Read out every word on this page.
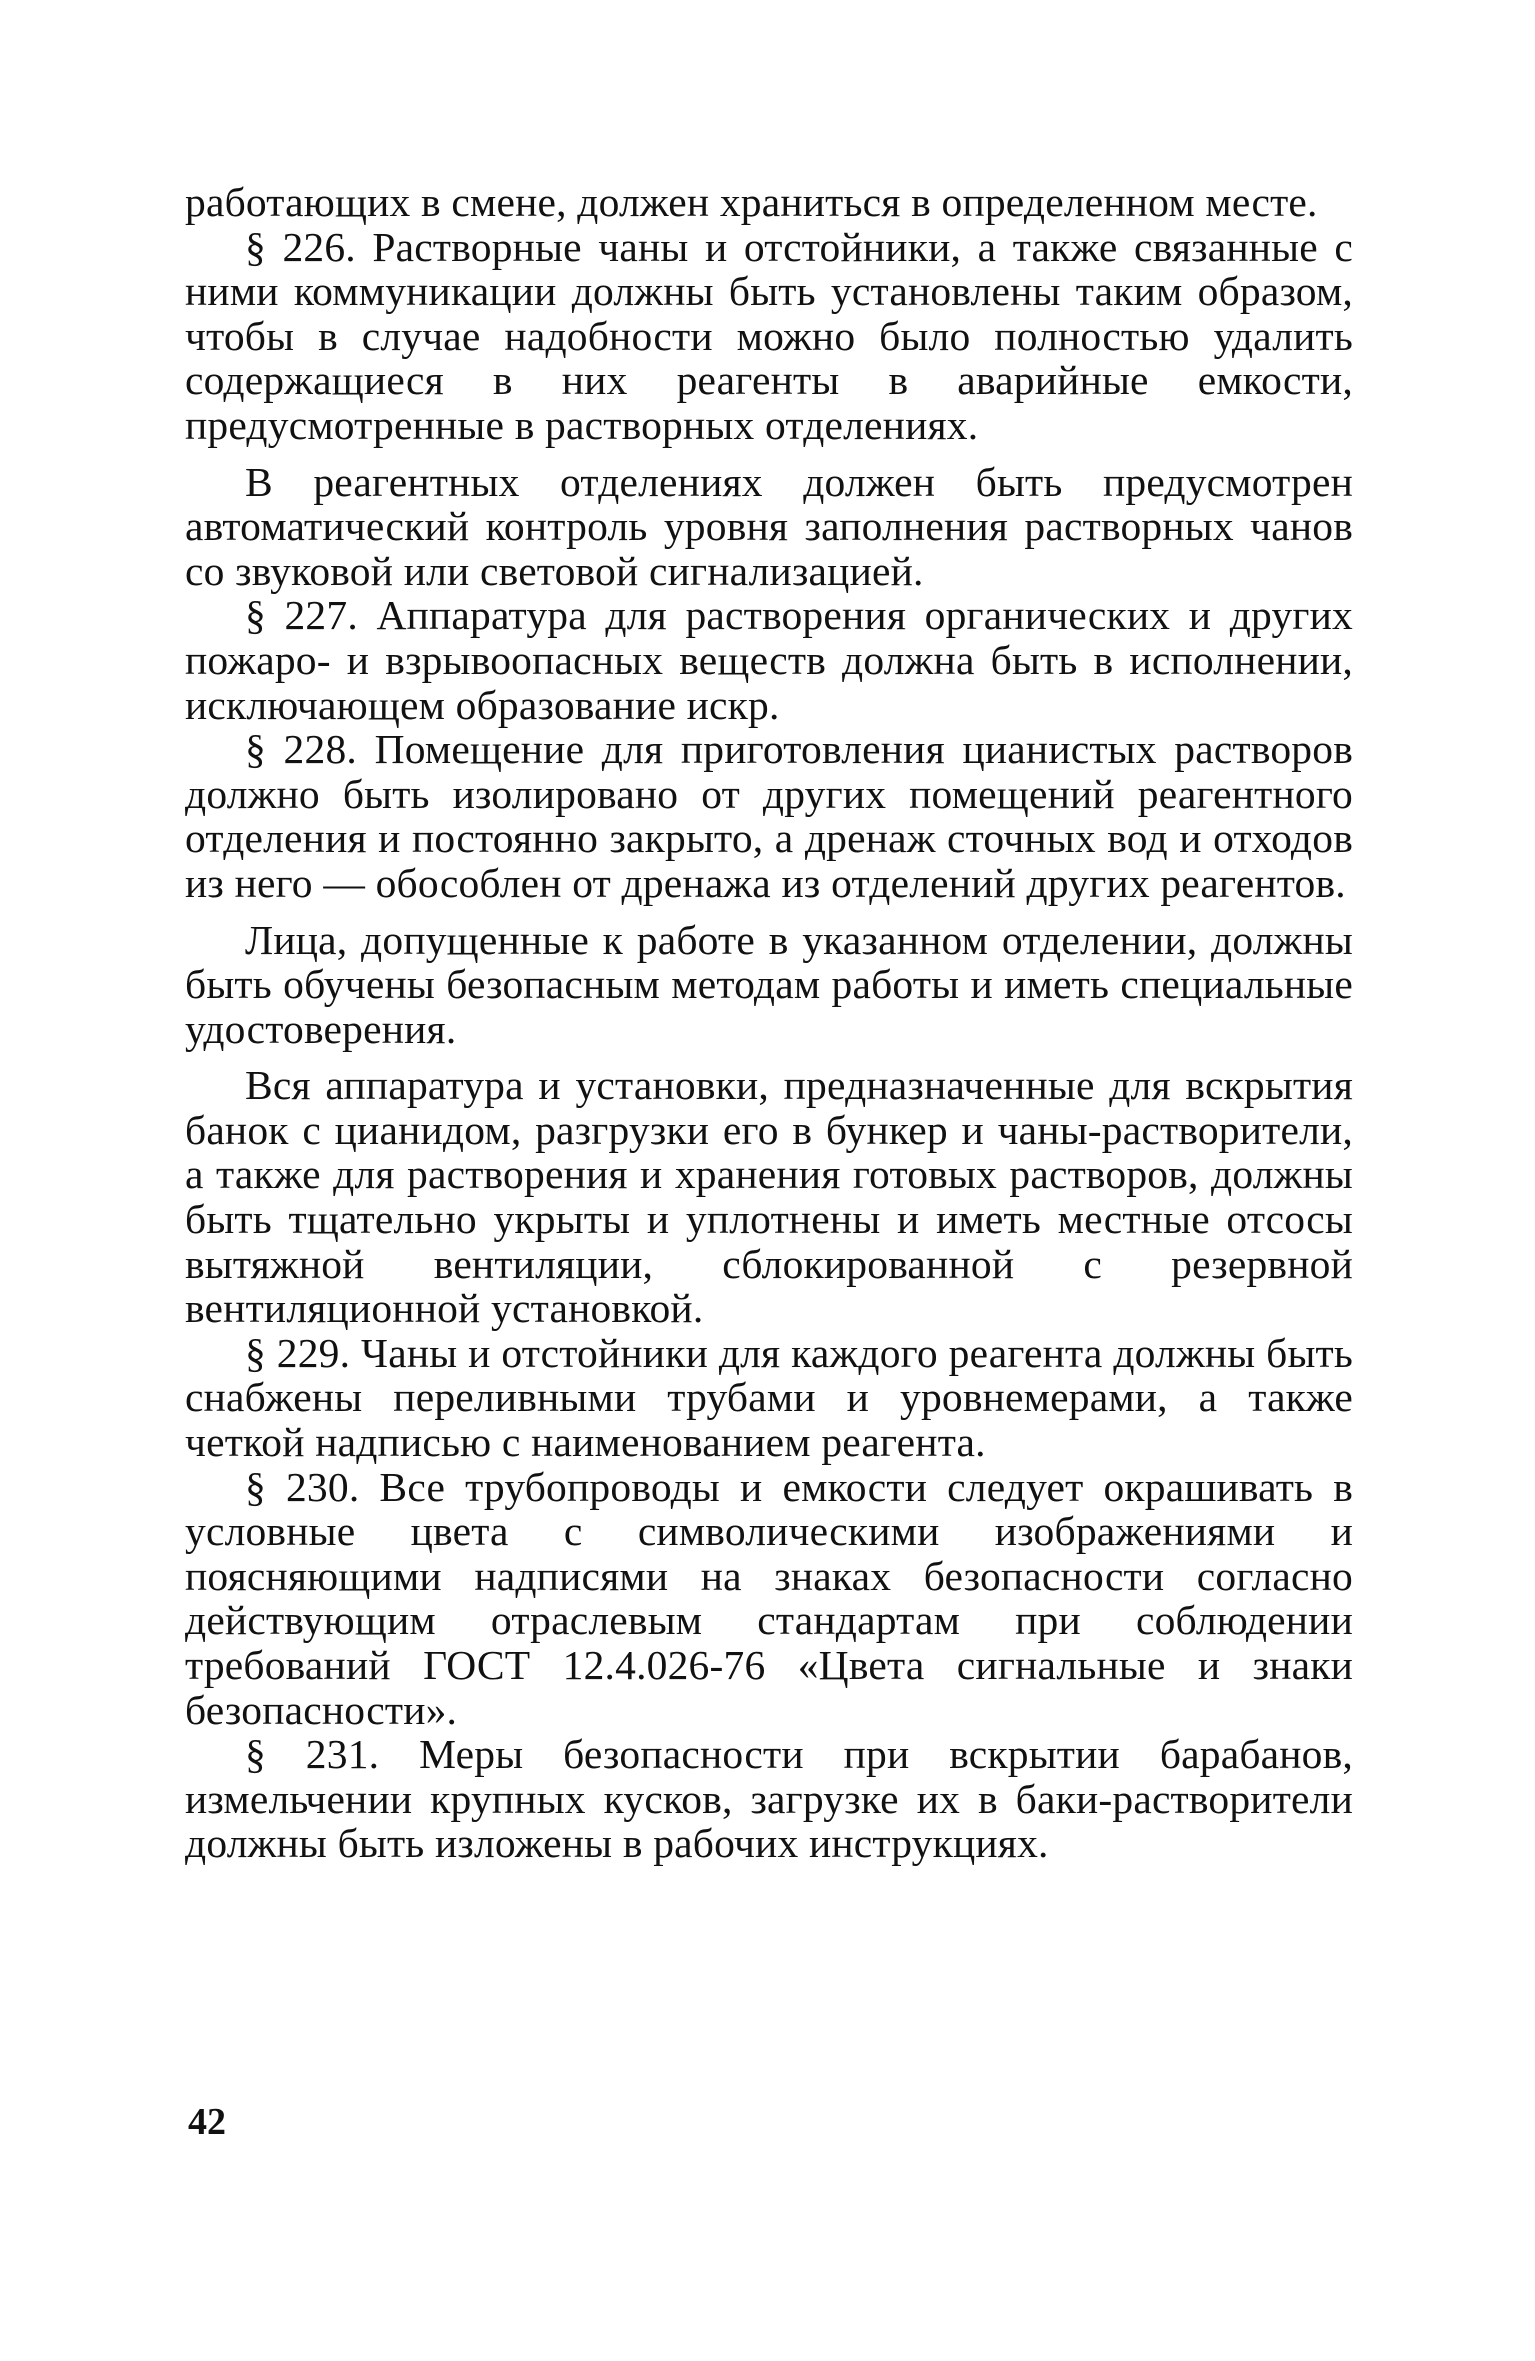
работающих в смене, должен храниться в определенном месте.

§ 226. Растворные чаны и отстойники, а также связанные с ними коммуникации должны быть установлены таким образом, чтобы в случае надобности можно было полностью удалить содержащиеся в них реагенты в аварийные емкости, предусмотренные в растворных отделениях.

В реагентных отделениях должен быть предусмотрен автоматический контроль уровня заполнения растворных чанов со звуковой или световой сигнализацией.

§ 227. Аппаратура для растворения органических и других пожаро- и взрывоопасных веществ должна быть в исполнении, исключающем образование искр.

§ 228. Помещение для приготовления цианистых растворов должно быть изолировано от других помещений реагентного отделения и постоянно закрыто, а дренаж сточных вод и отходов из него — обособлен от дренажа из отделений других реагентов.

Лица, допущенные к работе в указанном отделении, должны быть обучены безопасным методам работы и иметь специальные удостоверения.

Вся аппаратура и установки, предназначенные для вскрытия банок с цианидом, разгрузки его в бункер и чаны-растворители, а также для растворения и хранения готовых растворов, должны быть тщательно укрыты и уплотнены и иметь местные отсосы вытяжной вентиляции, сблокированной с резервной вентиляционной установкой.

§ 229. Чаны и отстойники для каждого реагента должны быть снабжены переливными трубами и уровнемерами, а также четкой надписью с наименованием реагента.

§ 230. Все трубопроводы и емкости следует окрашивать в условные цвета с символическими изображениями и поясняющими надписями на знаках безопасности согласно действующим отраслевым стандартам при соблюдении требований ГОСТ 12.4.026-76 «Цвета сигнальные и знаки безопасности».

§ 231. Меры безопасности при вскрытии барабанов, измельчении крупных кусков, загрузке их в баки-растворители должны быть изложены в рабочих инструкциях.

42
